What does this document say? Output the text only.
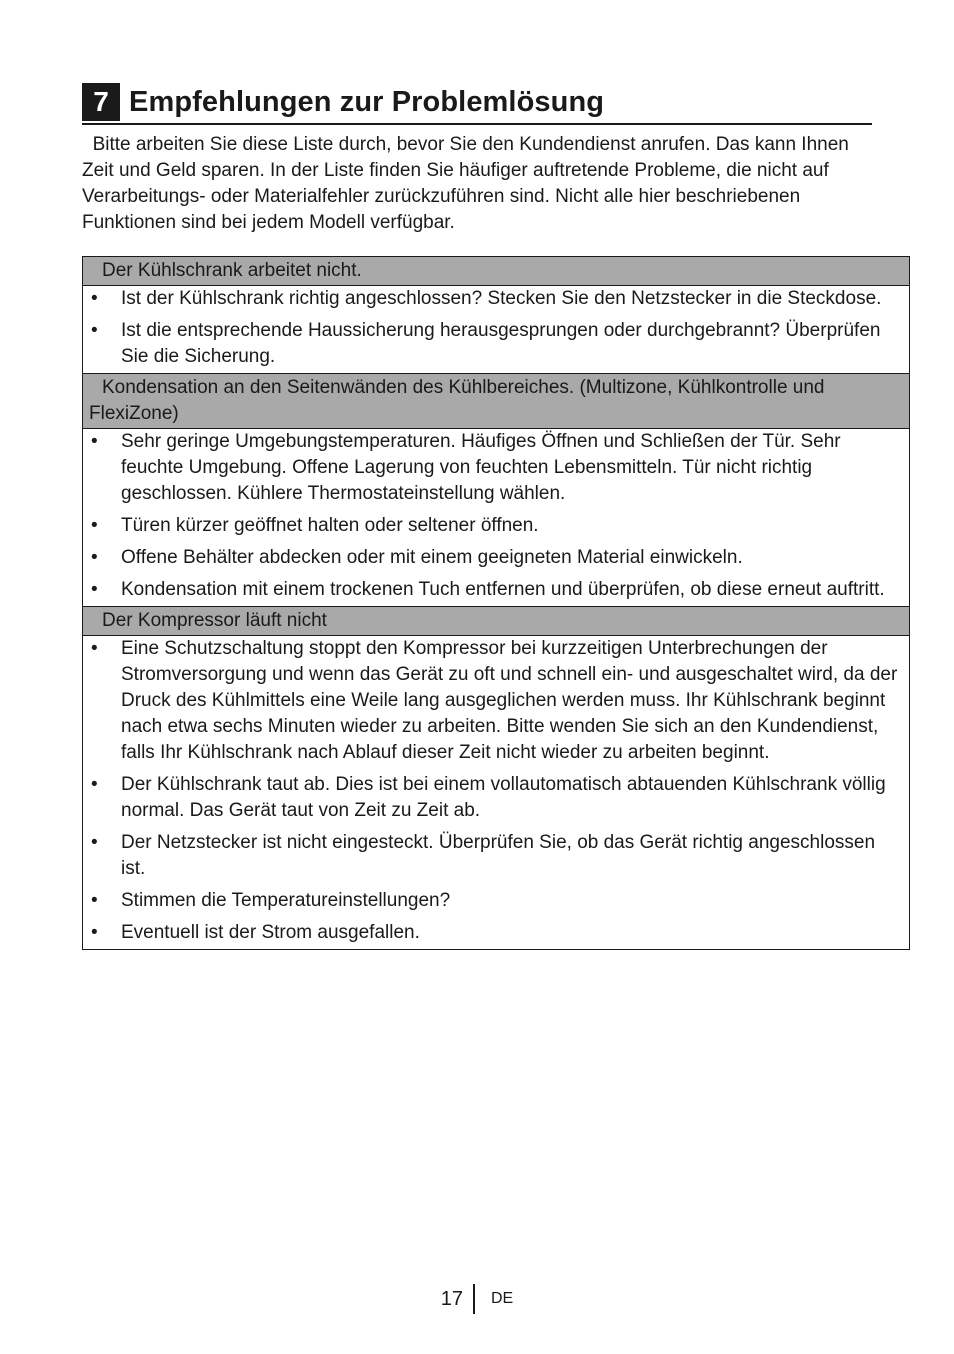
7 Empfehlungen zur Problemlösung

Bitte arbeiten Sie diese Liste durch, bevor Sie den Kundendienst anrufen. Das kann Ihnen Zeit und Geld sparen. In der Liste finden Sie häufiger auftretende Probleme, die nicht auf Verarbeitungs- oder Materialfehler zurückzuführen sind. Nicht alle hier beschriebenen Funktionen sind bei jedem Modell verfügbar.

Der Kühlschrank arbeitet nicht.
• Ist der Kühlschrank richtig angeschlossen? Stecken Sie den Netzstecker in die Steckdose.
• Ist die entsprechende Haussicherung herausgesprungen oder durchgebrannt? Überprüfen Sie die Sicherung.
Kondensation an den Seitenwänden des Kühlbereiches. (Multizone, Kühlkontrolle und FlexiZone)
• Sehr geringe Umgebungstemperaturen. Häufiges Öffnen und Schließen der Tür. Sehr feuchte Umgebung. Offene Lagerung von feuchten Lebensmitteln. Tür nicht richtig geschlossen. Kühlere Thermostateinstellung wählen.
• Türen kürzer geöffnet halten oder seltener öffnen.
• Offene Behälter abdecken oder mit einem geeigneten Material einwickeln.
• Kondensation mit einem trockenen Tuch entfernen und überprüfen, ob diese erneut auftritt.
Der Kompressor läuft nicht
• Eine Schutzschaltung stoppt den Kompressor bei kurzzeitigen Unterbrechungen der Stromversorgung und wenn das Gerät zu oft und schnell ein- und ausgeschaltet wird, da der Druck des Kühlmittels eine Weile lang ausgeglichen werden muss. Ihr Kühlschrank beginnt nach etwa sechs Minuten wieder zu arbeiten. Bitte wenden Sie sich an den Kundendienst, falls Ihr Kühlschrank nach Ablauf dieser Zeit nicht wieder zu arbeiten beginnt.
• Der Kühlschrank taut ab. Dies ist bei einem vollautomatisch abtauenden Kühlschrank völlig normal. Das Gerät taut von Zeit zu Zeit ab.
• Der Netzstecker ist nicht eingesteckt. Überprüfen Sie, ob das Gerät richtig angeschlossen ist.
• Stimmen die Temperatureinstellungen?
• Eventuell ist der Strom ausgefallen.
17	DE
